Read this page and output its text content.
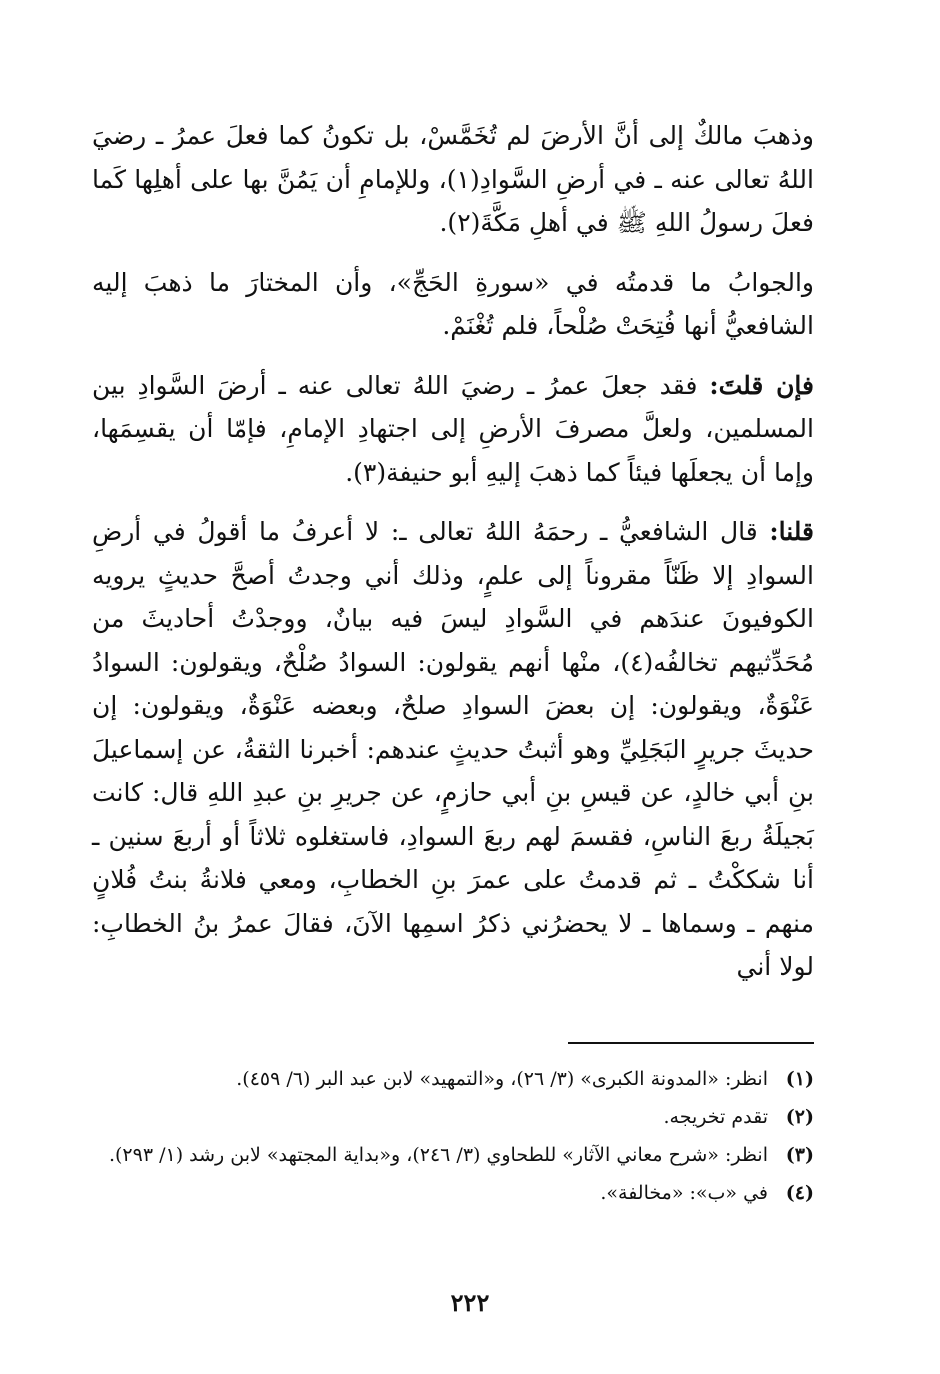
وذهبَ مالكٌ إلى أنَّ الأرضَ لم تُخَمَّسْ، بل تكونُ كما فعلَ عمرُ ـ رضيَ اللهُ تعالى عنه ـ في أرضِ السَّوادِ(١)، وللإمامِ أن يَمُنَّ بها على أهلِها كَما فعلَ رسولُ اللهِ ﷺ في أهلِ مَكَّةَ(٢).

والجوابُ ما قدمتُه في «سورةِ الحَجِّ»، وأن المختارَ ما ذهبَ إليه الشافعيُّ أنها فُتِحَتْ صُلْحاً، فلم تُغْنَمْ.

فإن قلتَ: فقد جعلَ عمرُ ـ رضيَ اللهُ تعالى عنه ـ أرضَ السَّوادِ بين المسلمين، ولعلَّ مصرفَ الأرضِ إلى اجتهادِ الإمامِ، فإمّا أن يقسِمَها، وإما أن يجعلَها فيئاً كما ذهبَ إليهِ أبو حنيفة(٣).

قلنا: قال الشافعيُّ ـ رحمَهُ اللهُ تعالى ـ: لا أعرفُ ما أقولُ في أرضِ السوادِ إلا ظَنّاً مقروناً إلى علمٍ، وذلك أني وجدتُ أصحَّ حديثٍ يرويه الكوفيونَ عندَهم في السَّوادِ ليسَ فيه بيانٌ، ووجدْتُ أحاديثَ من مُحَدِّثيهم تخالفُه(٤)، منْها أنهم يقولون: السوادُ صُلْحٌ، ويقولون: السوادُ عَنْوَةٌ، ويقولون: إن بعضَ السوادِ صلحٌ، وبعضه عَنْوَةٌ، ويقولون: إن حديثَ جريرٍ البَجَلِيِّ وهو أثبتُ حديثٍ عندهم: أخبرنا الثقةُ، عن إسماعيلَ بنِ أبي خالدٍ، عن قيسِ بنِ أبي حازمٍ، عن جريرِ بنِ عبدِ اللهِ قال: كانت بَجيلَةُ ربعَ الناسِ، فقسمَ لهم ربعَ السوادِ، فاستغلوه ثلاثاً أو أربعَ سنين ـ أنا شككْتُ ـ ثم قدمتُ على عمرَ بنِ الخطابِ، ومعي فلانةُ بنتُ فُلانٍ منهم ـ وسماها ـ لا يحضرُني ذكرُ اسمِها الآنَ، فقالَ عمرُ بنُ الخطابِ: لولا أني

(١)
انظر: «المدونة الكبرى» (٣/ ٢٦)، و«التمهيد» لابن عبد البر (٦/ ٤٥٩).
(٢)
تقدم تخريجه.
(٣)
انظر: «شرح معاني الآثار» للطحاوي (٣/ ٢٤٦)، و«بداية المجتهد» لابن رشد (١/ ٢٩٣).
(٤)
في «ب»: «مخالفة».
٢٢٢
